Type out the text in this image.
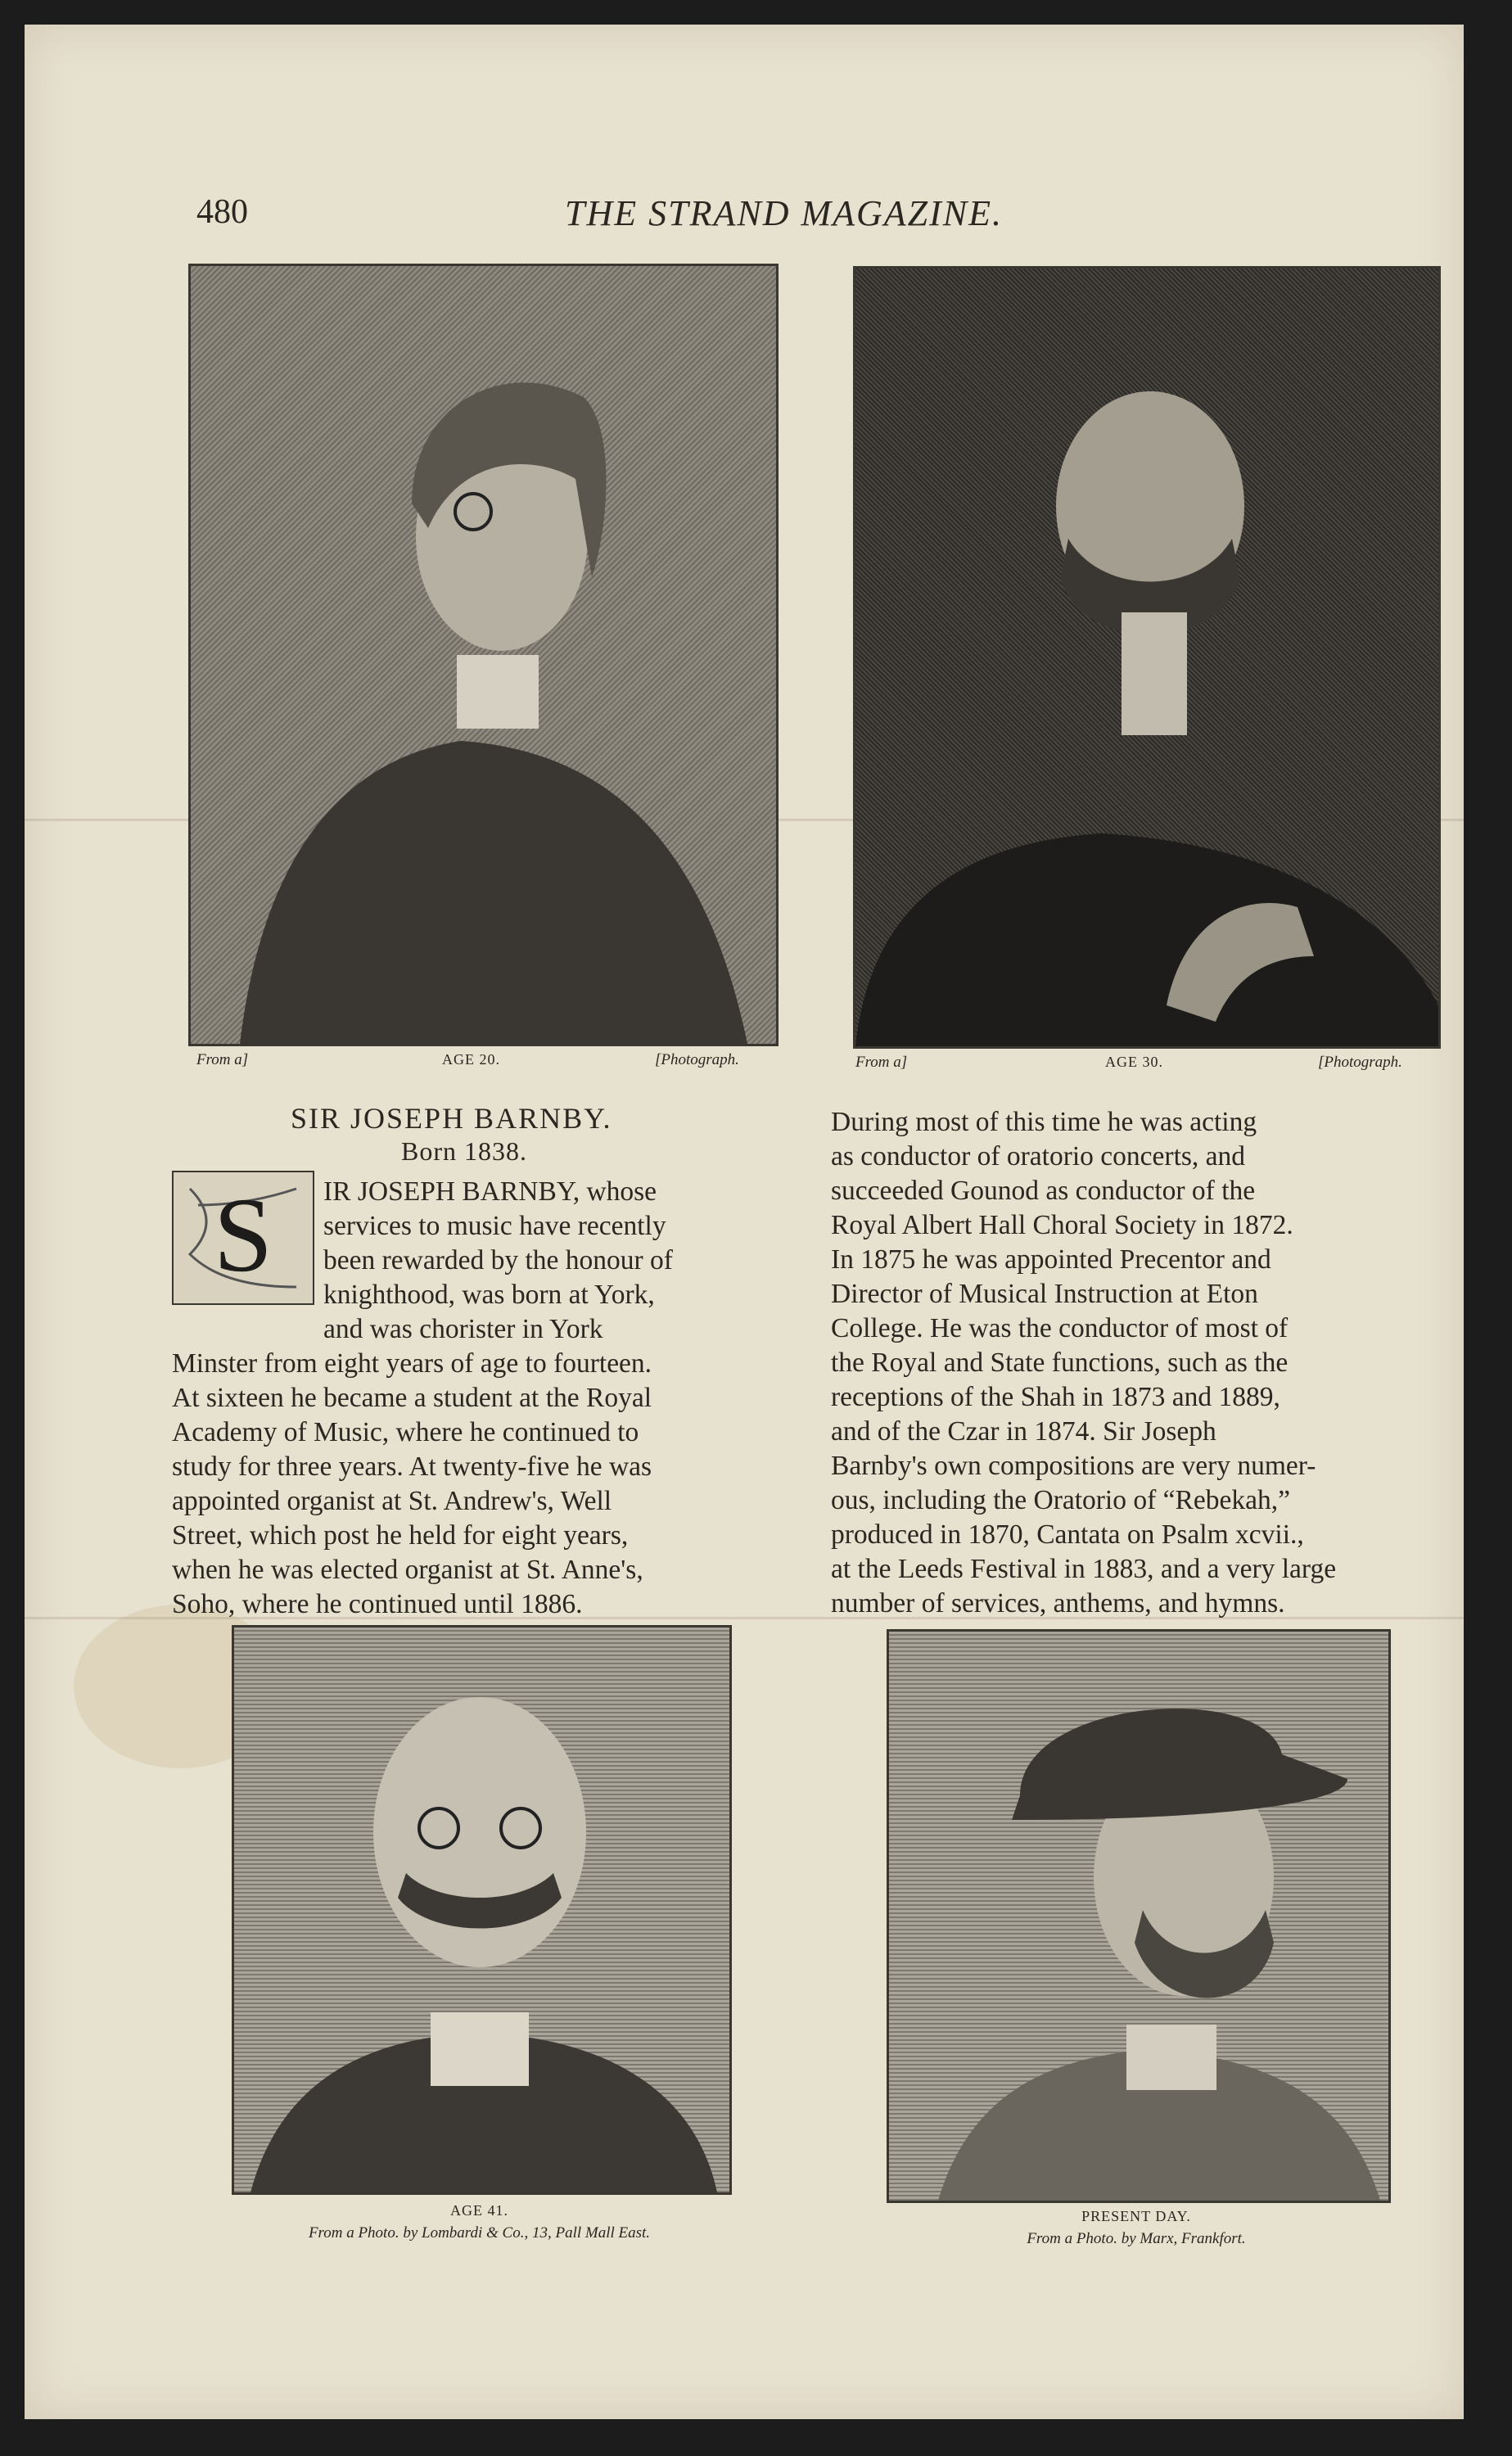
480	THE STRAND MAGAZINE.
From a]	AGE 20.	[Photograph.	From a]	AGE 30.	[Photograph.
SIR JOSEPH BARNBY.
Born 1838.
S IR JOSEPH BARNBY, whose
services to music have recently
been rewarded by the honour of
knighthood, was born at York,
and was chorister in York
Minster from eight years of age to fourteen.
At sixteen he became a student at the Royal
Academy of Music, where he continued to
study for three years. At twenty-five he was
appointed organist at St. Andrew's, Well
Street, which post he held for eight years,
when he was elected organist at St. Anne's,
Soho, where he continued until 1886.
During most of this time he was acting
as conductor of oratorio concerts, and
succeeded Gounod as conductor of the
Royal Albert Hall Choral Society in 1872.
In 1875 he was appointed Precentor and
Director of Musical Instruction at Eton
College. He was the conductor of most of
the Royal and State functions, such as the
receptions of the Shah in 1873 and 1889,
and of the Czar in 1874. Sir Joseph
Barnby's own compositions are very numer-
ous, including the Oratorio of “Rebekah,”
produced in 1870, Cantata on Psalm xcvii.,
at the Leeds Festival in 1883, and a very large
number of services, anthems, and hymns.
AGE 41.
From a Photo. by Lombardi & Co., 13, Pall Mall East.
PRESENT DAY.
From a Photo. by Marx, Frankfort.
